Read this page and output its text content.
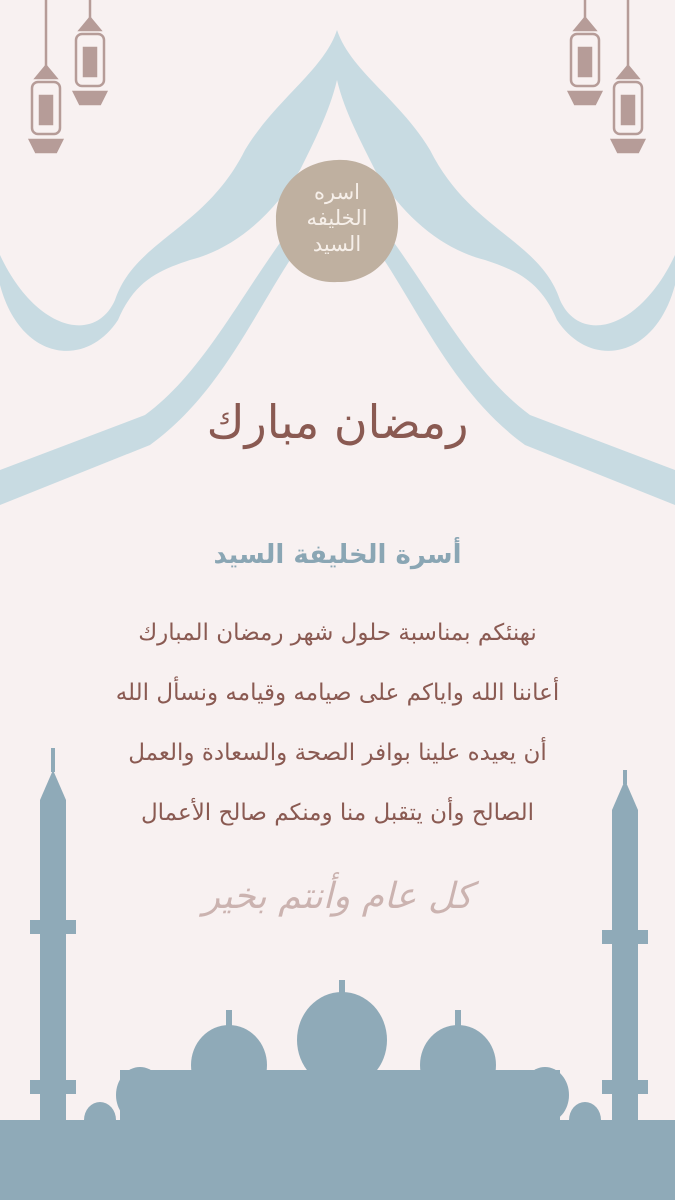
اسره
الخليفه
السيد
رمضان مبارك
أسرة الخليفة السيد
نهنئكم بمناسبة حلول شهر رمضان المبارك
أعاننا الله واياكم على صيامه وقيامه ونسأل الله
أن يعيده علينا بوافر الصحة والسعادة والعمل
الصالح وأن يتقبل منا ومنكم صالح الأعمال
كل عام وأنتم بخير
